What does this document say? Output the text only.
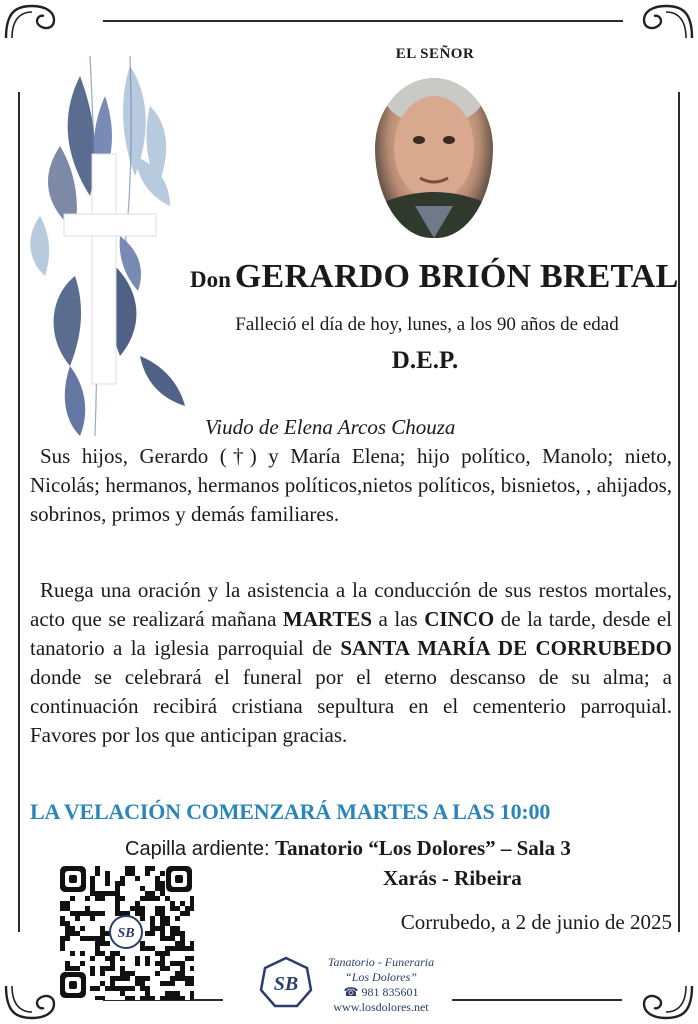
EL SEÑOR
Don GERARDO BRIÓN BRETAL
Falleció el día de hoy, lunes, a los 90 años de edad
D.E.P.
Viudo de Elena Arcos Chouza
Sus hijos, Gerardo (†) y María Elena; hijo político, Manolo; nieto, Nicolás; hermanos, hermanos políticos,nietos políticos, bisnietos, , ahijados, sobrinos, primos y demás familiares.
Ruega una oración y la asistencia a la conducción de sus restos mortales, acto que se realizará mañana MARTES a las CINCO de la tarde, desde el tanatorio a la iglesia parroquial de SANTA MARÍA DE CORRUBEDO donde se celebrará el funeral por el eterno descanso de su alma; a continuación recibirá cristiana sepultura en el cementerio parroquial. Favores por los que anticipan gracias.
LA VELACIÓN COMENZARÁ MARTES A LAS 10:00
Capilla ardiente: Tanatorio “Los Dolores” – Sala 3
Xarás - Ribeira
Corrubedo, a 2 de junio de 2025
SB
SB
Tanatorio - Funeraria
“Los Dolores”
☎ 981 835601
www.losdolores.net
